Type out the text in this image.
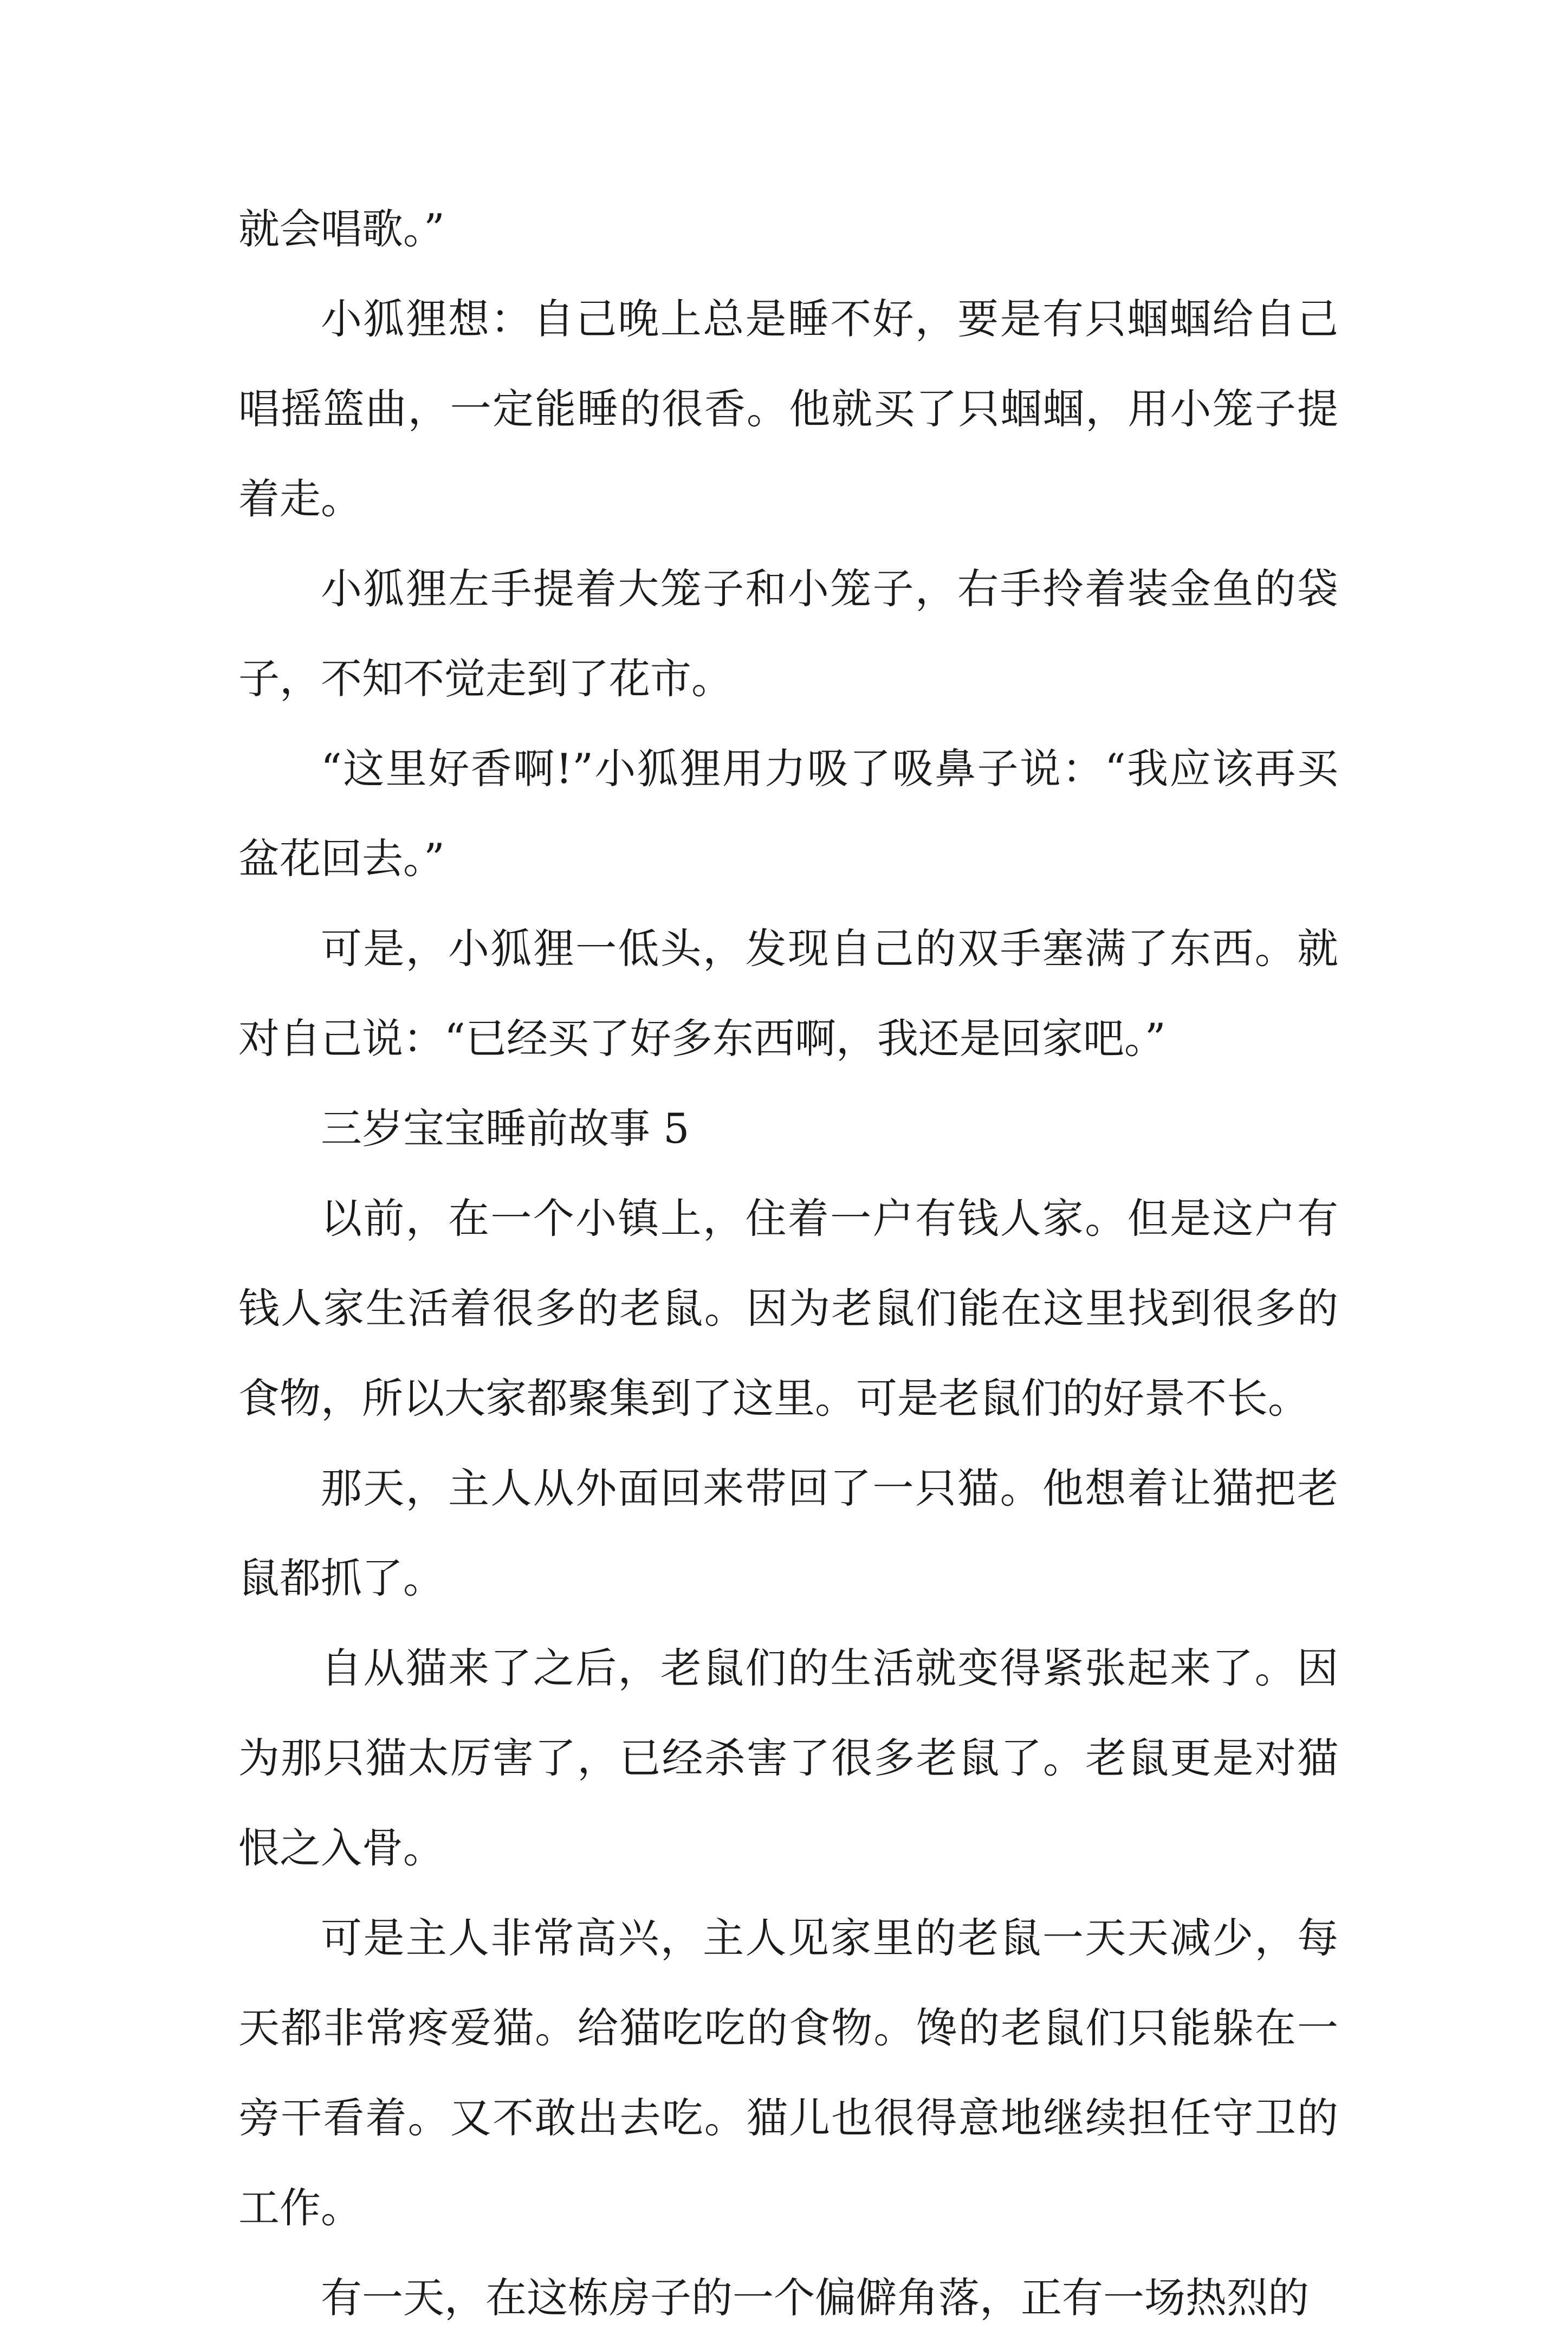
就会唱歌。”

小狐狸想：自己晚上总是睡不好，要是有只蝈蝈给自己唱摇篮曲，一定能睡的很香。他就买了只蝈蝈，用小笼子提着走。

小狐狸左手提着大笼子和小笼子，右手拎着装金鱼的袋子，不知不觉走到了花市。

“这里好香啊!”小狐狸用力吸了吸鼻子说：“我应该再买盆花回去。”

可是，小狐狸一低头，发现自己的双手塞满了东西。就对自己说：“已经买了好多东西啊，我还是回家吧。”

三岁宝宝睡前故事 5

以前，在一个小镇上，住着一户有钱人家。但是这户有钱人家生活着很多的老鼠。因为老鼠们能在这里找到很多的食物，所以大家都聚集到了这里。可是老鼠们的好景不长。

那天，主人从外面回来带回了一只猫。他想着让猫把老鼠都抓了。

自从猫来了之后，老鼠们的生活就变得紧张起来了。因为那只猫太厉害了，已经杀害了很多老鼠了。老鼠更是对猫恨之入骨。

可是主人非常高兴，主人见家里的老鼠一天天减少，每天都非常疼爱猫。给猫吃吃的食物。馋的老鼠们只能躲在一旁干看着。又不敢出去吃。猫儿也很得意地继续担任守卫的工作。

有一天，在这栋房子的一个偏僻角落，正有一场热烈的
